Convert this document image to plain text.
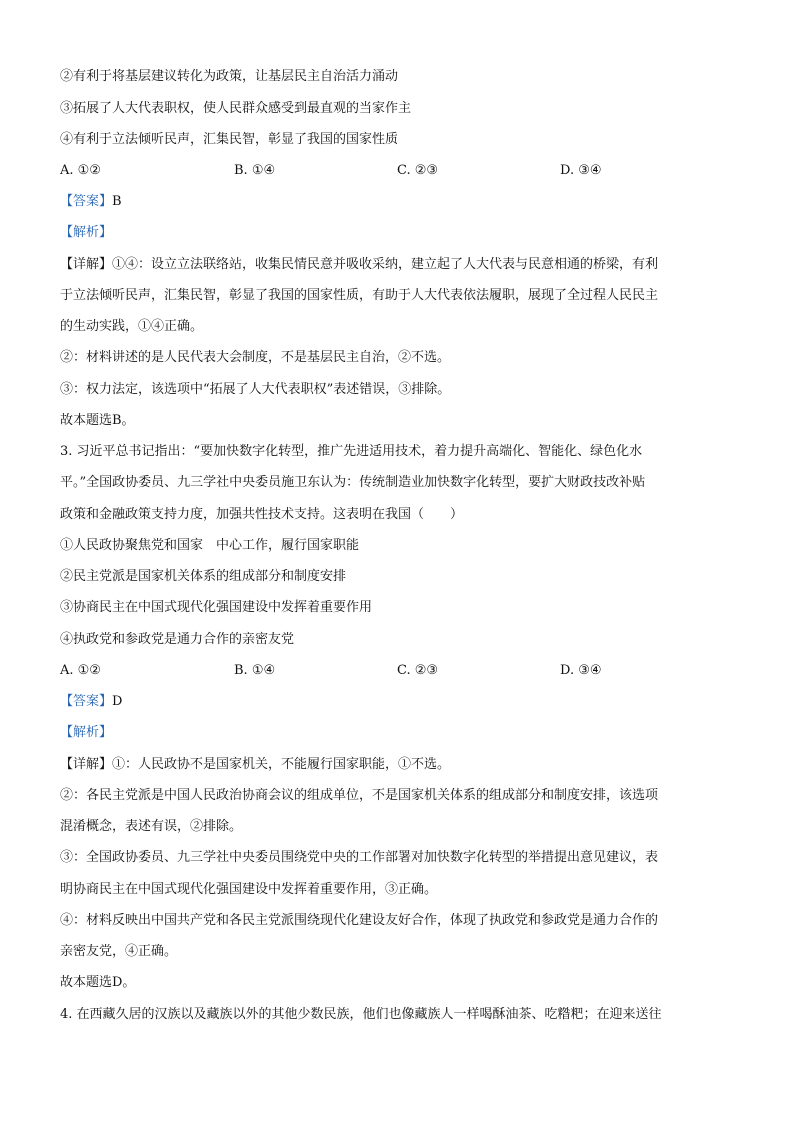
②有利于将基层建议转化为政策，让基层民主自治活力涌动
③拓展了人大代表职权，使人民群众感受到最直观的当家作主
④有利于立法倾听民声，汇集民智，彰显了我国的国家性质
A. ①②	B. ①④	C. ②③	D. ③④
【答案】B
【解析】
【详解】①④：设立立法联络站，收集民情民意并吸收采纳，建立起了人大代表与民意相通的桥梁，有利
于立法倾听民声，汇集民智，彰显了我国的国家性质，有助于人大代表依法履职，展现了全过程人民民主
的生动实践，①④正确。
②：材料讲述的是人民代表大会制度，不是基层民主自治，②不选。
③：权力法定，该选项中“拓展了人大代表职权”表述错误，③排除。
故本题选B。
3. 习近平总书记指出：“要加快数字化转型，推广先进适用技术，着力提升高端化、智能化、绿色化水
平。”全国政协委员、九三学社中央委员施卫东认为：传统制造业加快数字化转型，要扩大财政技改补贴
政策和金融政策支持力度，加强共性技术支持。这表明在我国（　　）
①人民政协聚焦党和国家　中心工作，履行国家职能
②民主党派是国家机关体系的组成部分和制度安排
③协商民主在中国式现代化强国建设中发挥着重要作用
④执政党和参政党是通力合作的亲密友党
A. ①②	B. ①④	C. ②③	D. ③④
【答案】D
【解析】
【详解】①：人民政协不是国家机关，不能履行国家职能，①不选。
②：各民主党派是中国人民政治协商会议的组成单位，不是国家机关体系的组成部分和制度安排，该选项
混淆概念，表述有误，②排除。
③：全国政协委员、九三学社中央委员围绕党中央的工作部署对加快数字化转型的举措提出意见建议，表
明协商民主在中国式现代化强国建设中发挥着重要作用，③正确。
④：材料反映出中国共产党和各民主党派围绕现代化建设友好合作，体现了执政党和参政党是通力合作的
亲密友党，④正确。
故本题选D。
4. 在西藏久居的汉族以及藏族以外的其他少数民族，他们也像藏族人一样喝酥油茶、吃糌粑；在迎来送往
